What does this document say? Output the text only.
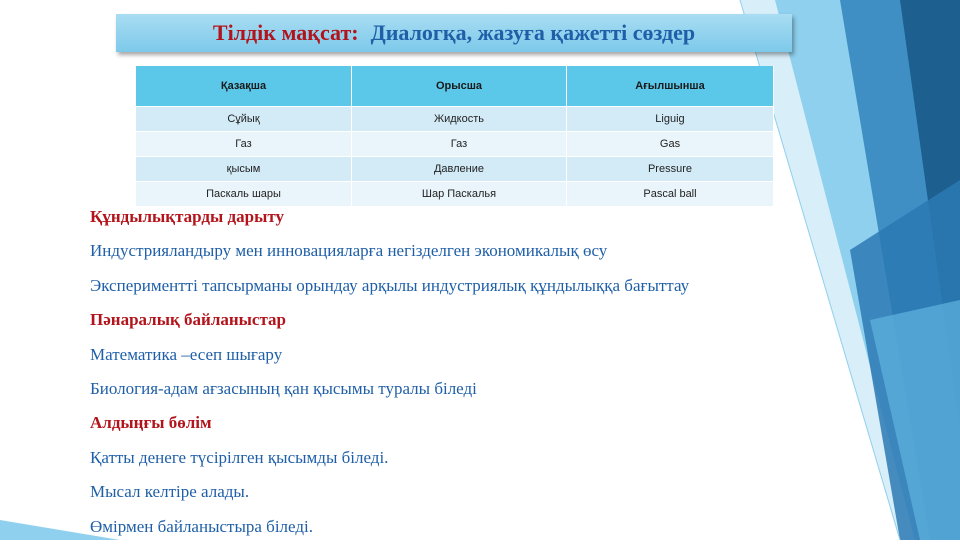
Тілдік мақсат: Диалогқа, жазуға қажетті сөздер
Қазақша	Орысша	Ағылшынша
Сұйық	Жидкость	Liguig
Газ	Газ	Gas
қысым	Давление	Pressure
Паскаль шары	Шар Паскалья	Pascal ball
Құндылықтарды дарыту
Индустрияландыру мен инновацияларға негізделген экономикалық өсу
Экспериментті тапсырманы орындау арқылы индустриялық құндылыққа бағыттау
Пәнаралық байланыстар
Математика –есеп шығару
Биология-адам ағзасының қан қысымы туралы біледі
Алдыңғы бөлім
Қатты денеге түсірілген қысымды біледі.
Мысал келтіре алады.
Өмірмен байланыстыра біледі.
